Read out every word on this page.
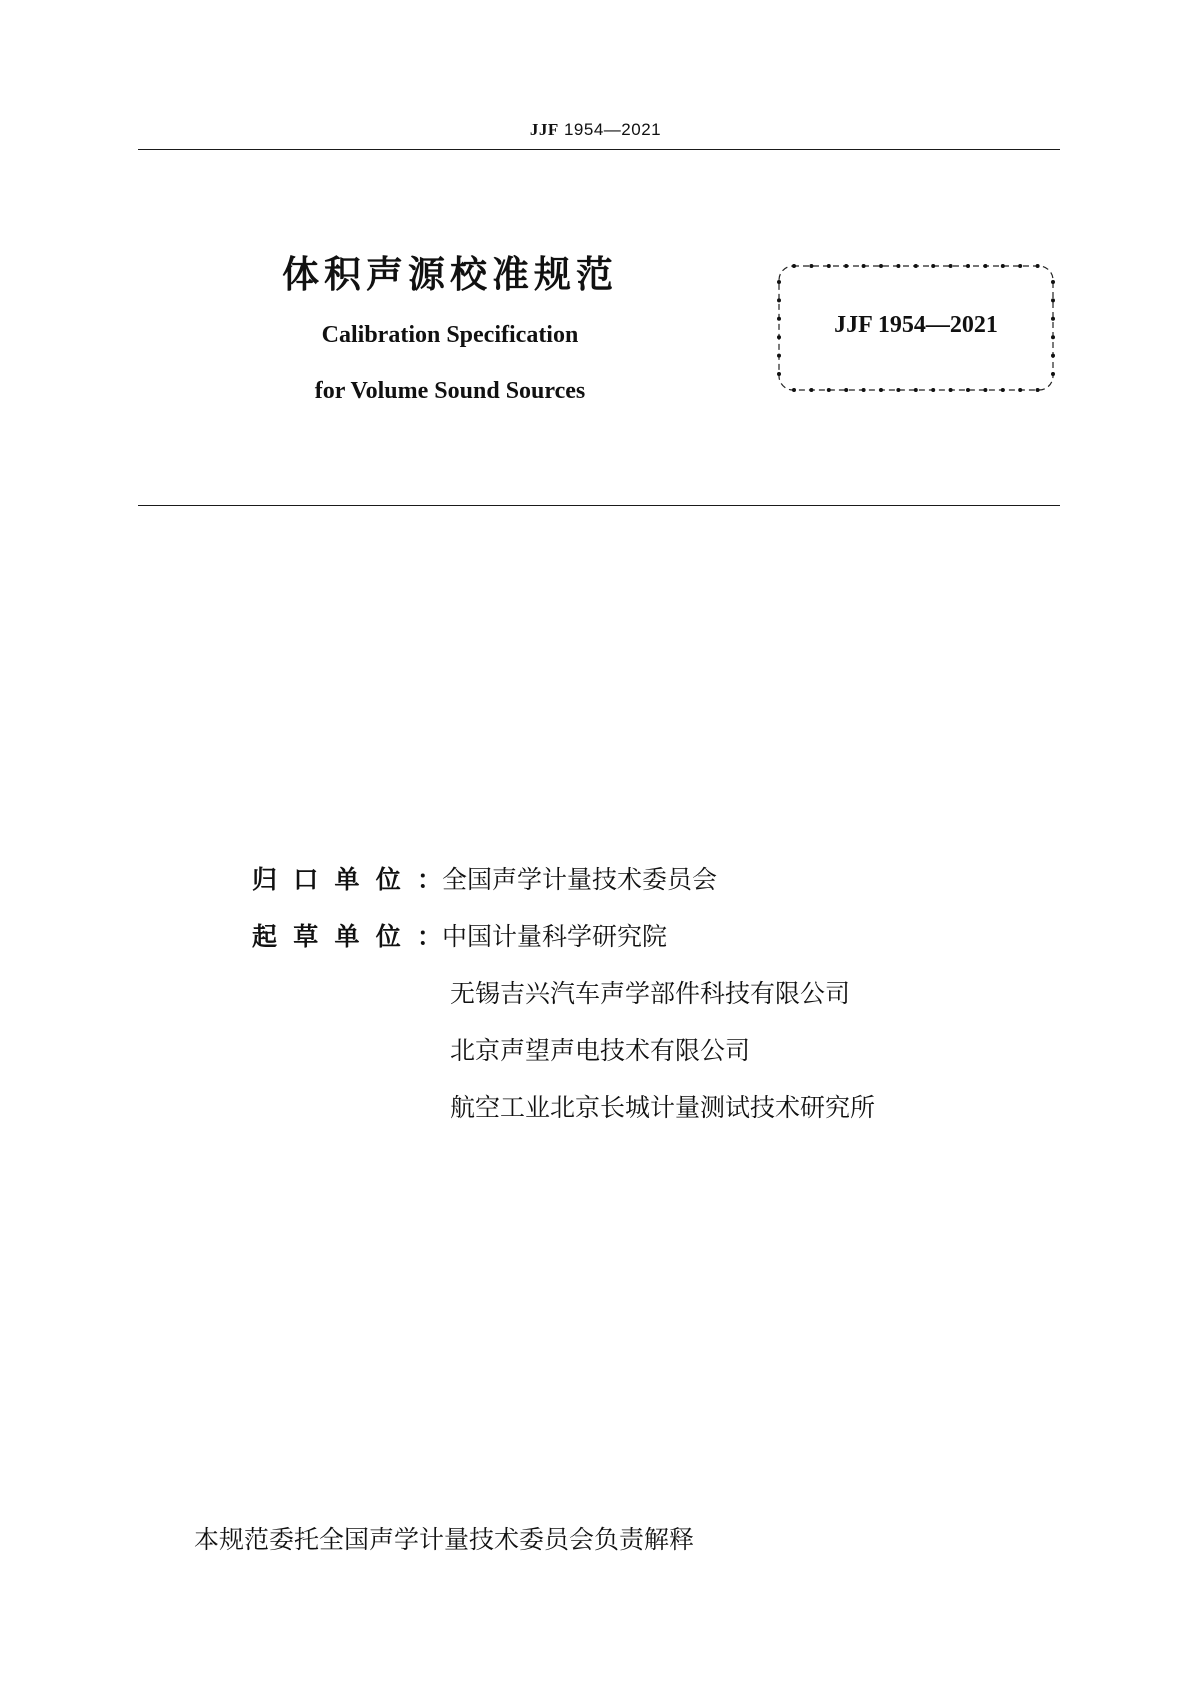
JJF 1954—2021
体积声源校准规范
Calibration Specification
for Volume Sound Sources
JJF 1954—2021
归口单位：全国声学计量技术委员会
起草单位：中国计量科学研究院
无锡吉兴汽车声学部件科技有限公司
北京声望声电技术有限公司
航空工业北京长城计量测试技术研究所
本规范委托全国声学计量技术委员会负责解释
